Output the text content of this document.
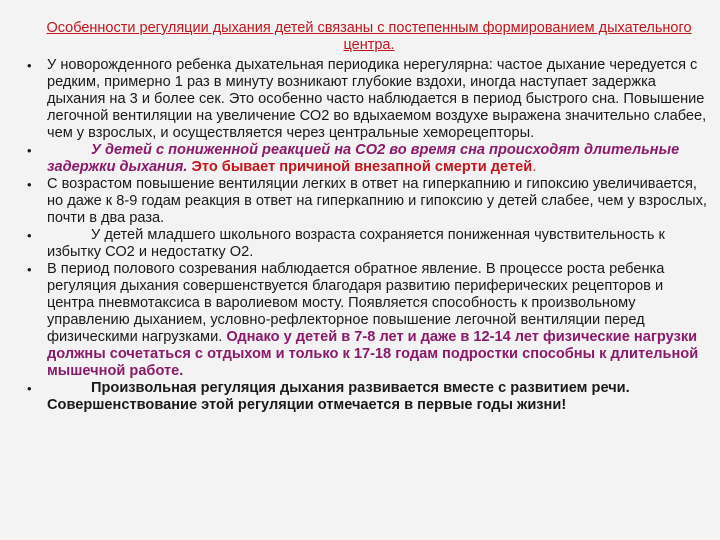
Особенности регуляции дыхания детей связаны с постепенным формированием дыхательного центра.
• У новорожденного ребенка дыхательная периодика нерегулярна: частое дыхание чередуется с редким, примерно 1 раз в минуту возникают глубокие вздохи, иногда наступает задержка дыхания на 3 и более сек. Это особенно часто наблюдается в период быстрого сна. Повышение легочной вентиляции на увеличение СО2 во вдыхаемом воздухе выражена значительно слабее, чем у взрослых, и осуществляется через центральные хеморецепторы.
•	У детей с пониженной реакцией на СО2 во время сна происходят длительные задержки дыхания. Это бывает причиной внезапной смерти детей.
• С возрастом повышение вентиляции легких в ответ на гиперкапнию и гипоксию увеличивается, но даже к 8-9 годам реакция в ответ на гиперкапнию и гипоксию у детей слабее, чем у взрослых, почти в два раза.
•	У детей младшего школьного возраста сохраняется пониженная чувствительность к избытку СО2 и недостатку О2.
• В период полового созревания наблюдается обратное явление. В процессе роста ребенка регуляция дыхания совершенствуется благодаря развитию периферических рецепторов и центра пневмотаксиса в варолиевом мосту. Появляется способность к произвольному управлению дыханием, условно-рефлекторное повышение легочной вентиляции перед физическими нагрузками. Однако у детей в 7-8 лет и даже в 12-14 лет физические нагрузки должны сочетаться с отдыхом и только к 17-18 годам подростки способны к длительной мышечной работе.
•	Произвольная регуляция дыхания развивается вместе с развитием речи. Совершенствование этой регуляции отмечается в первые годы жизни!
